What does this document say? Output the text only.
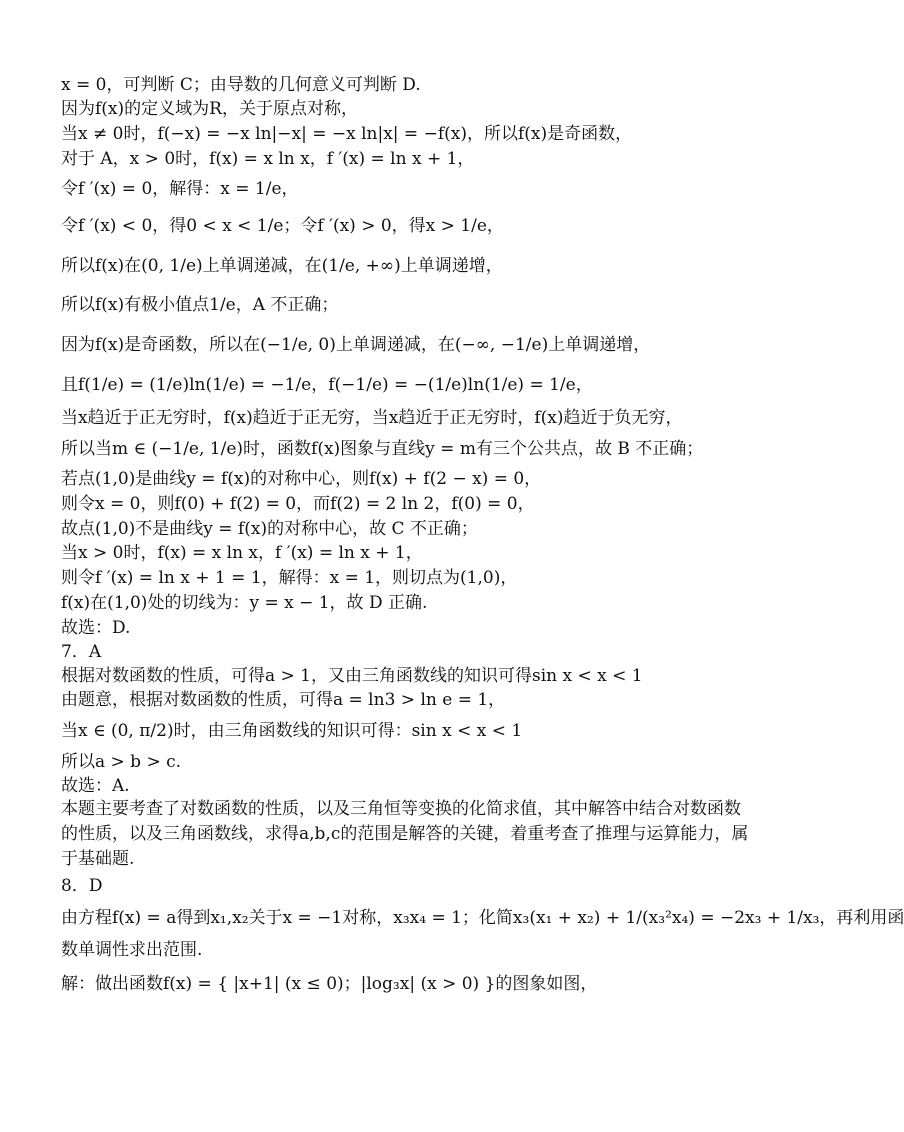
x = 0，可判断 C；由导数的几何意义可判断 D.
因为f(x)的定义域为R，关于原点对称，
当x ≠ 0时，f(−x) = −x ln|−x| = −x ln|x| = −f(x)，所以f(x)是奇函数，
对于 A，x > 0时，f(x) = x ln x，f ′(x) = ln x + 1，
令f ′(x) = 0，解得：x = 1/e，
令f ′(x) < 0，得0 < x < 1/e；令f ′(x) > 0，得x > 1/e，
所以f(x)在(0, 1/e)上单调递减，在(1/e, +∞)上单调递增，
所以f(x)有极小值点1/e，A 不正确；
因为f(x)是奇函数，所以在(−1/e, 0)上单调递减，在(−∞, −1/e)上单调递增，
且f(1/e) = (1/e)ln(1/e) = −1/e，f(−1/e) = −(1/e)ln(1/e) = 1/e，
当x趋近于正无穷时，f(x)趋近于正无穷，当x趋近于正无穷时，f(x)趋近于负无穷，
所以当m ∈ (−1/e, 1/e)时，函数f(x)图象与直线y = m有三个公共点，故 B 不正确；
若点(1,0)是曲线y = f(x)的对称中心，则f(x) + f(2 − x) = 0，
则令x = 0，则f(0) + f(2) = 0，而f(2) = 2 ln 2，f(0) = 0，
故点(1,0)不是曲线y = f(x)的对称中心，故 C 不正确；
当x > 0时，f(x) = x ln x，f ′(x) = ln x + 1，
则令f ′(x) = ln x + 1 = 1，解得：x = 1，则切点为(1,0)，
f(x)在(1,0)处的切线为：y = x − 1，故 D 正确.
故选：D.
7．A
根据对数函数的性质，可得a > 1，又由三角函数线的知识可得sin x < x < 1
由题意，根据对数函数的性质，可得a = ln3 > ln e = 1，
当x ∈ (0, π/2)时，由三角函数线的知识可得：sin x < x < 1
所以a > b > c.
故选：A.
8．D
由方程f(x) = a得到x₁,x₂关于x = −1对称，x₃x₄ = 1；化简x₃(x₁ + x₂) + 1/(x₃²x₄) = −2x₃ + 1/x₃，再利用函
数单调性求出范围.
解：做出函数f(x) = { |x+1| (x ≤ 0)；|log₃x| (x > 0) }的图象如图，
本题主要考查了对数函数的性质，以及三角恒等变换的化简求值，其中解答中结合对数函数的性质，以及三角函数线，求得a,b,c的范围是解答的关键，着重考查了推理与运算能力，属于基础题.
